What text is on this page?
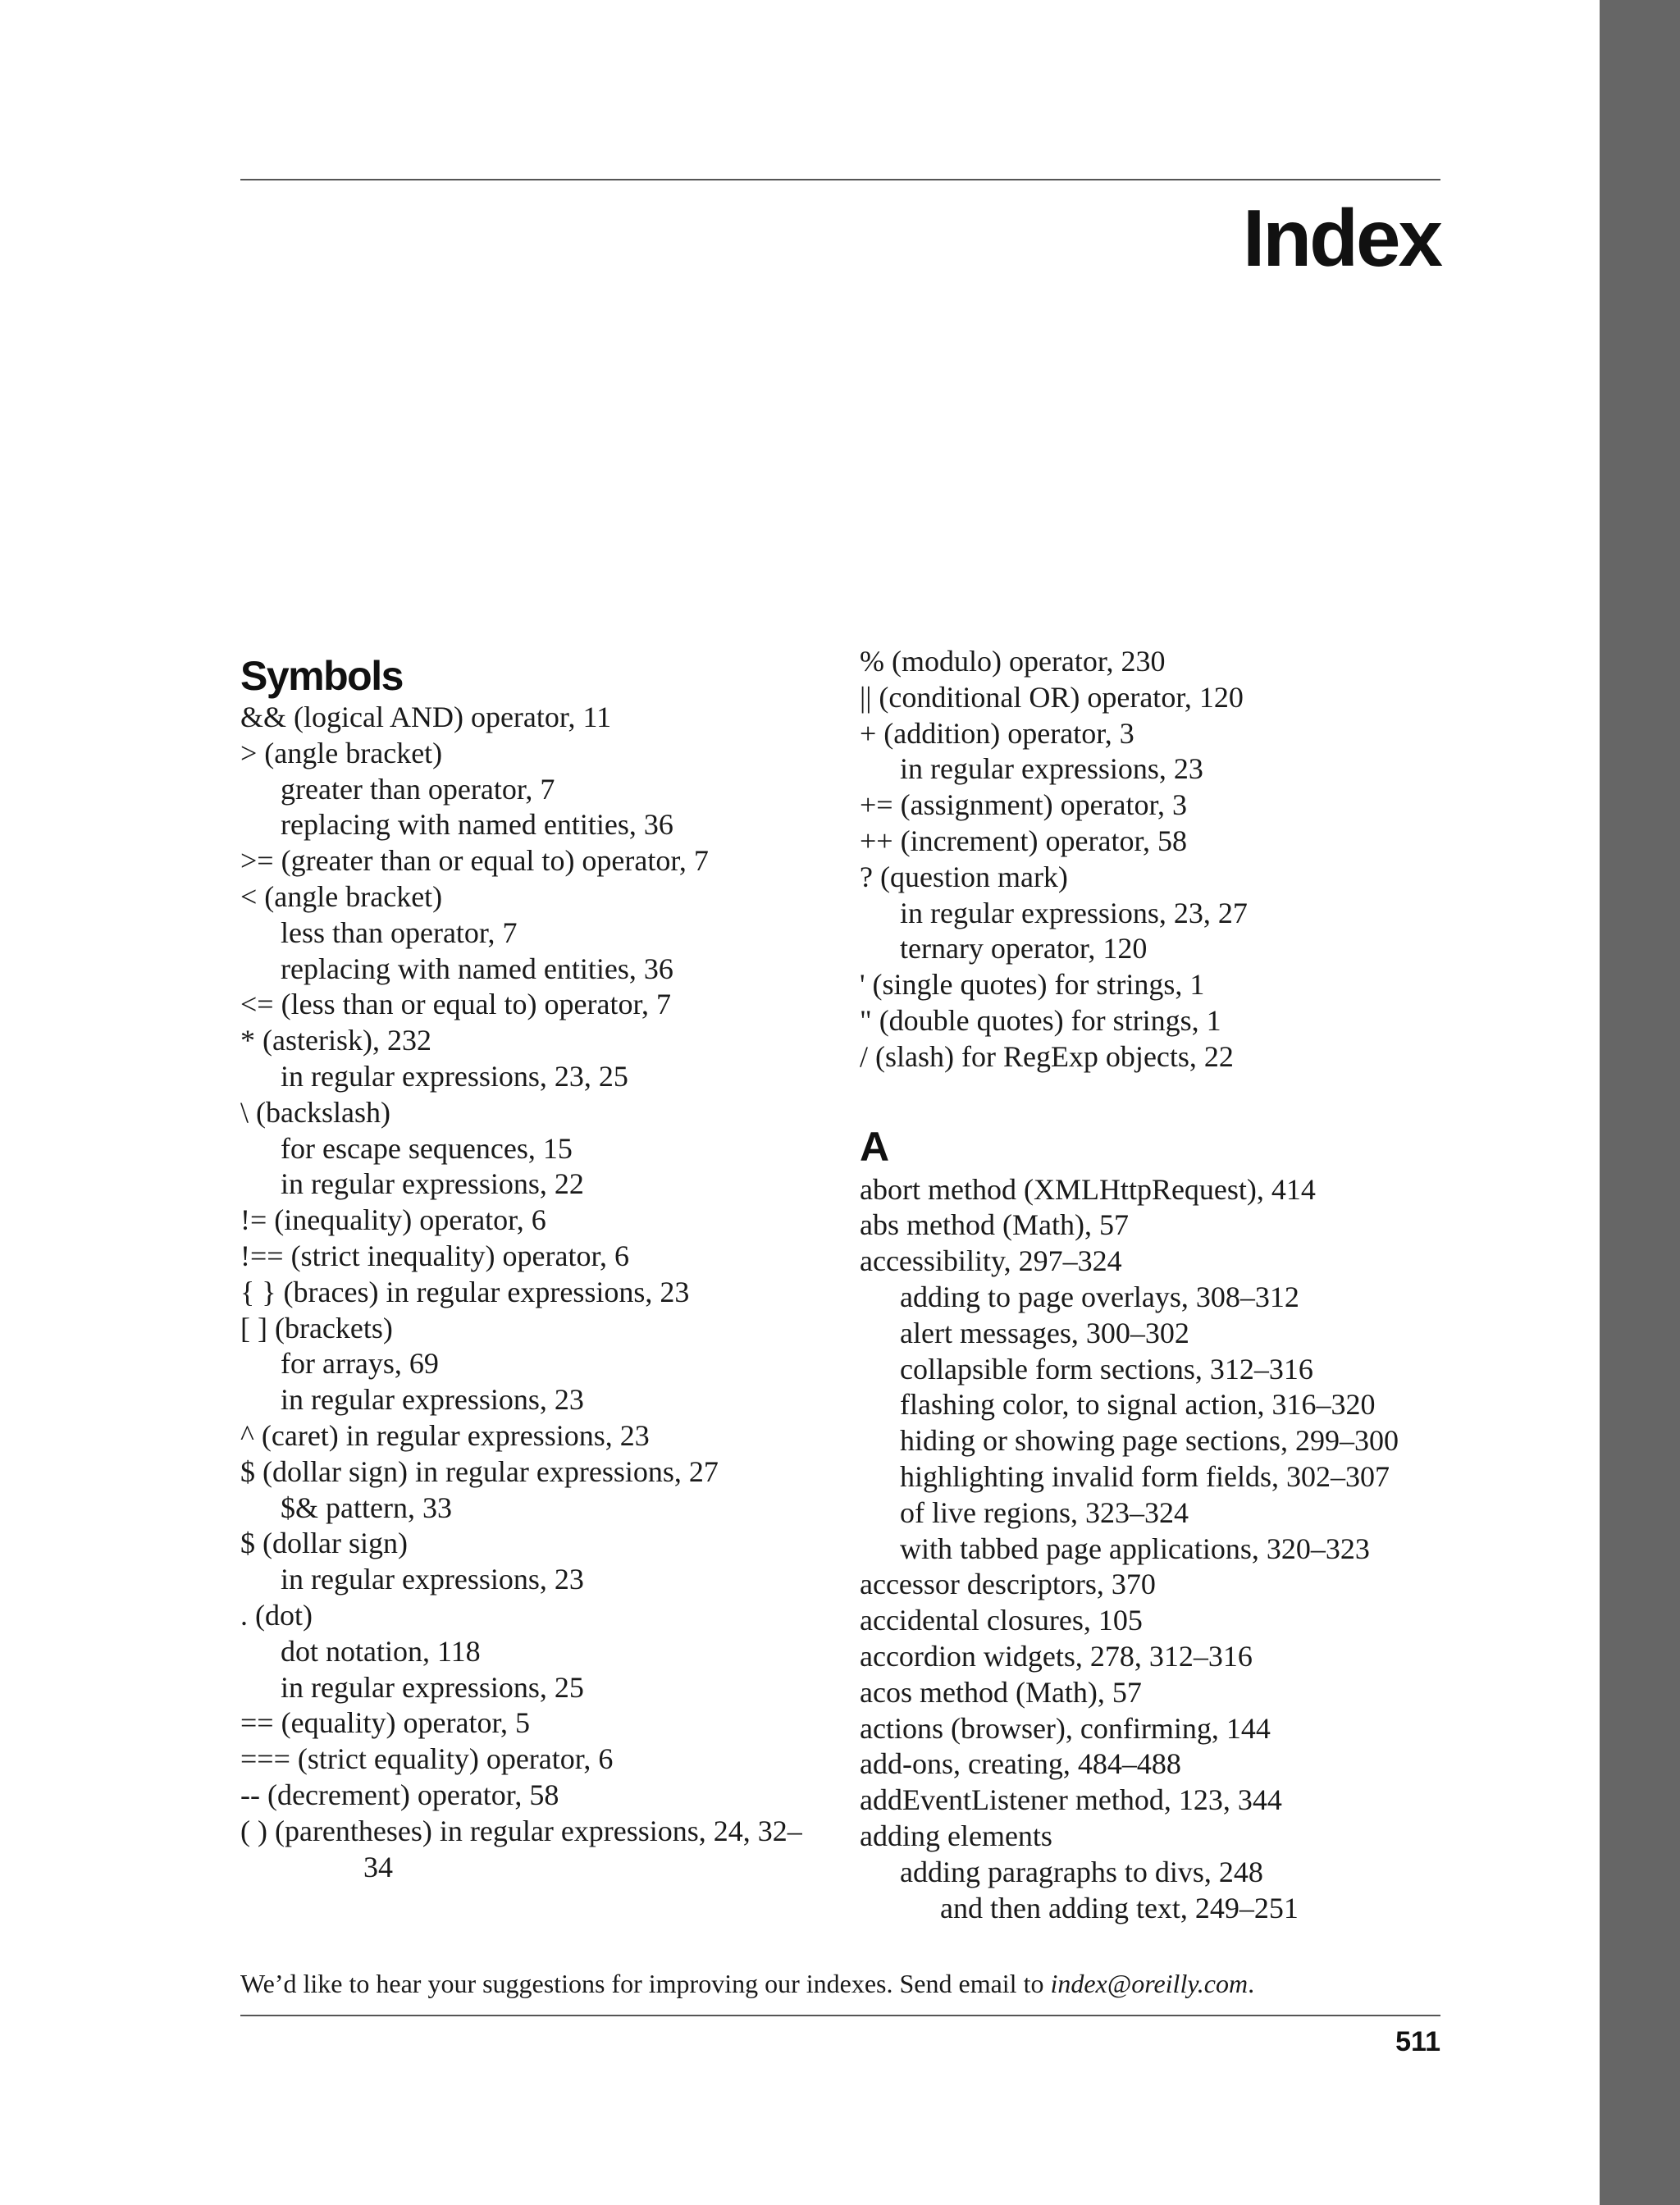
Index
Symbols
&& (logical AND) operator, 11
> (angle bracket)
greater than operator, 7
replacing with named entities, 36
>= (greater than or equal to) operator, 7
< (angle bracket)
less than operator, 7
replacing with named entities, 36
<= (less than or equal to) operator, 7
* (asterisk), 232
in regular expressions, 23, 25
\ (backslash)
for escape sequences, 15
in regular expressions, 22
!= (inequality) operator, 6
!== (strict inequality) operator, 6
{ } (braces) in regular expressions, 23
[ ] (brackets)
for arrays, 69
in regular expressions, 23
^ (caret) in regular expressions, 23
$ (dollar sign) in regular expressions, 27
$& pattern, 33
$ (dollar sign)
in regular expressions, 23
. (dot)
dot notation, 118
in regular expressions, 25
== (equality) operator, 5
=== (strict equality) operator, 6
-- (decrement) operator, 58
( ) (parentheses) in regular expressions, 24, 32–
34
% (modulo) operator, 230
|| (conditional OR) operator, 120
+ (addition) operator, 3
in regular expressions, 23
+= (assignment) operator, 3
++ (increment) operator, 58
? (question mark)
in regular expressions, 23, 27
ternary operator, 120
' (single quotes) for strings, 1
" (double quotes) for strings, 1
/ (slash) for RegExp objects, 22
A
abort method (XMLHttpRequest), 414
abs method (Math), 57
accessibility, 297–324
adding to page overlays, 308–312
alert messages, 300–302
collapsible form sections, 312–316
flashing color, to signal action, 316–320
hiding or showing page sections, 299–300
highlighting invalid form fields, 302–307
of live regions, 323–324
with tabbed page applications, 320–323
accessor descriptors, 370
accidental closures, 105
accordion widgets, 278, 312–316
acos method (Math), 57
actions (browser), confirming, 144
add-ons, creating, 484–488
addEventListener method, 123, 344
adding elements
adding paragraphs to divs, 248
and then adding text, 249–251
We’d like to hear your suggestions for improving our indexes. Send email to index@oreilly.com.
511
